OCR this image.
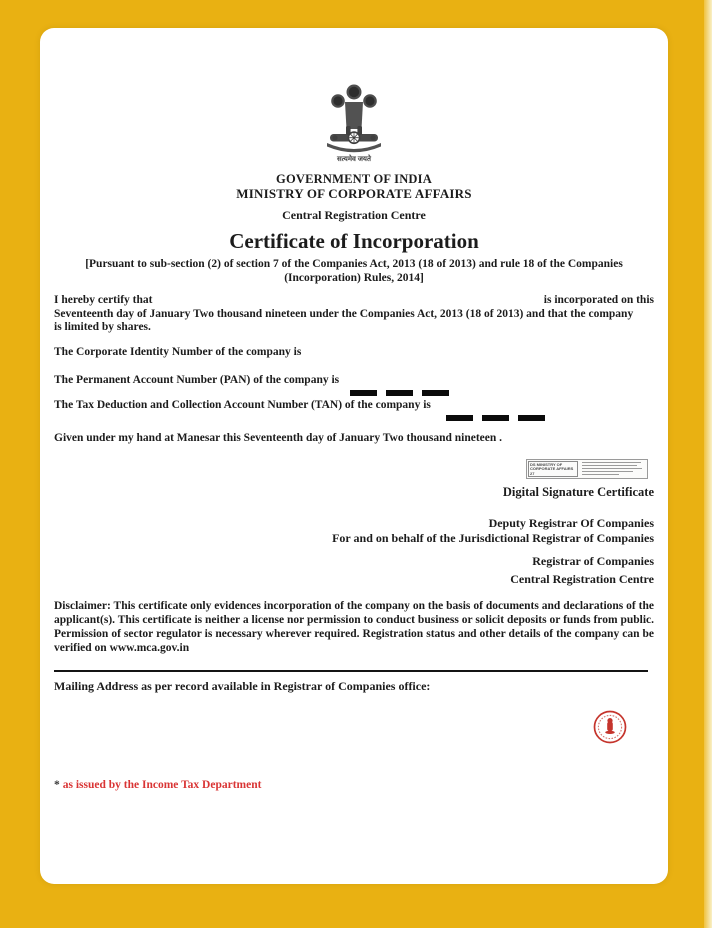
सत्यमेव जयते
GOVERNMENT OF INDIA
MINISTRY OF CORPORATE AFFAIRS
Central Registration Centre
Certificate of Incorporation
[Pursuant to sub-section (2) of section 7 of the Companies Act, 2013 (18 of 2013) and rule 18 of the Companies (Incorporation) Rules, 2014]
I hereby certify that	is incorporated on this
Seventeenth day of January Two thousand nineteen under the Companies Act, 2013 (18 of 2013) and that the company
is limited by shares.
The Corporate Identity Number of the company is
The Permanent Account Number (PAN) of the company is
The Tax Deduction and Collection Account Number (TAN) of the company is
Given under my hand at Manesar this Seventeenth day of January Two thousand nineteen .
DS MINISTRY OF CORPORATE AFFAIRS 27
Digital Signature Certificate
Deputy Registrar Of Companies
For and on behalf of the Jurisdictional Registrar of Companies
Registrar of Companies
Central Registration Centre
Disclaimer: This certificate only evidences incorporation of the company on the basis of documents and declarations of the applicant(s). This certificate is neither a license nor permission to conduct business or solicit deposits or funds from public. Permission of sector regulator is necessary wherever required. Registration status and other details of the company can be verified on www.mca.gov.in
Mailing Address as per record available in Registrar of Companies office:
* as issued by the Income Tax Department
